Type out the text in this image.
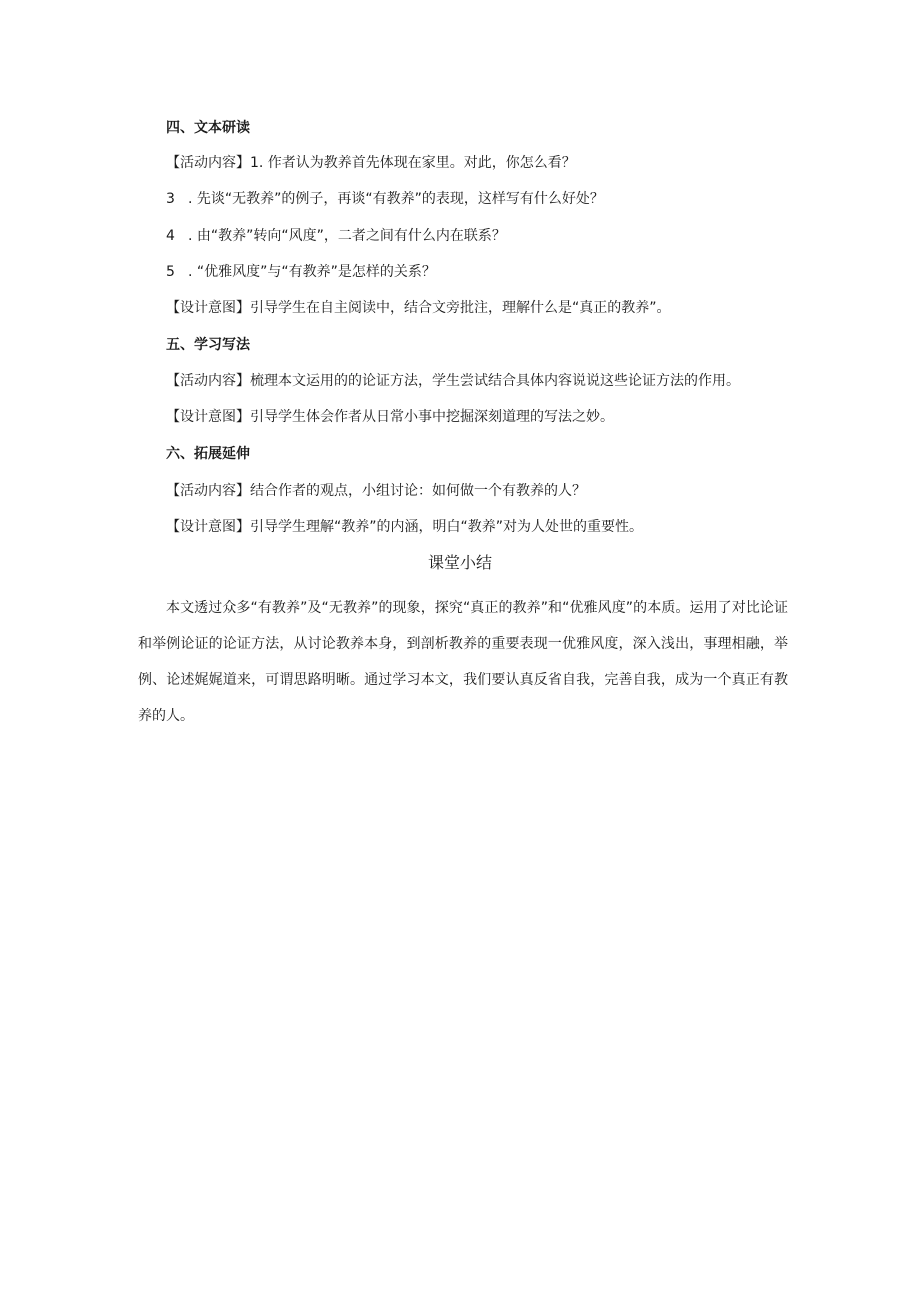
四、文本研读
【活动内容】1. 作者认为教养首先体现在家里。对此，你怎么看？
3 . 先谈“无教养”的例子，再谈“有教养”的表现，这样写有什么好处？
4 . 由“教养”转向“风度”，二者之间有什么内在联系？
5 . “优雅风度”与“有教养”是怎样的关系？
【设计意图】引导学生在自主阅读中，结合文旁批注，理解什么是“真正的教养”。
五、学习写法
【活动内容】梳理本文运用的的论证方法，学生尝试结合具体内容说说这些论证方法的作用。
【设计意图】引导学生体会作者从日常小事中挖掘深刻道理的写法之妙。
六、拓展延伸
【活动内容】结合作者的观点，小组讨论：如何做一个有教养的人？
【设计意图】引导学生理解“教养”的内涵，明白“教养”对为人处世的重要性。
课堂小结
本文透过众多“有教养”及“无教养”的现象，探究“真正的教养”和“优雅风度”的本质。运用了对比论证和举例论证的论证方法，从讨论教养本身，到剖析教养的重要表现一优雅风度，深入浅出，事理相融，举例、论述娓娓道来，可谓思路明晰。通过学习本文，我们要认真反省自我，完善自我，成为一个真正有教养的人。
